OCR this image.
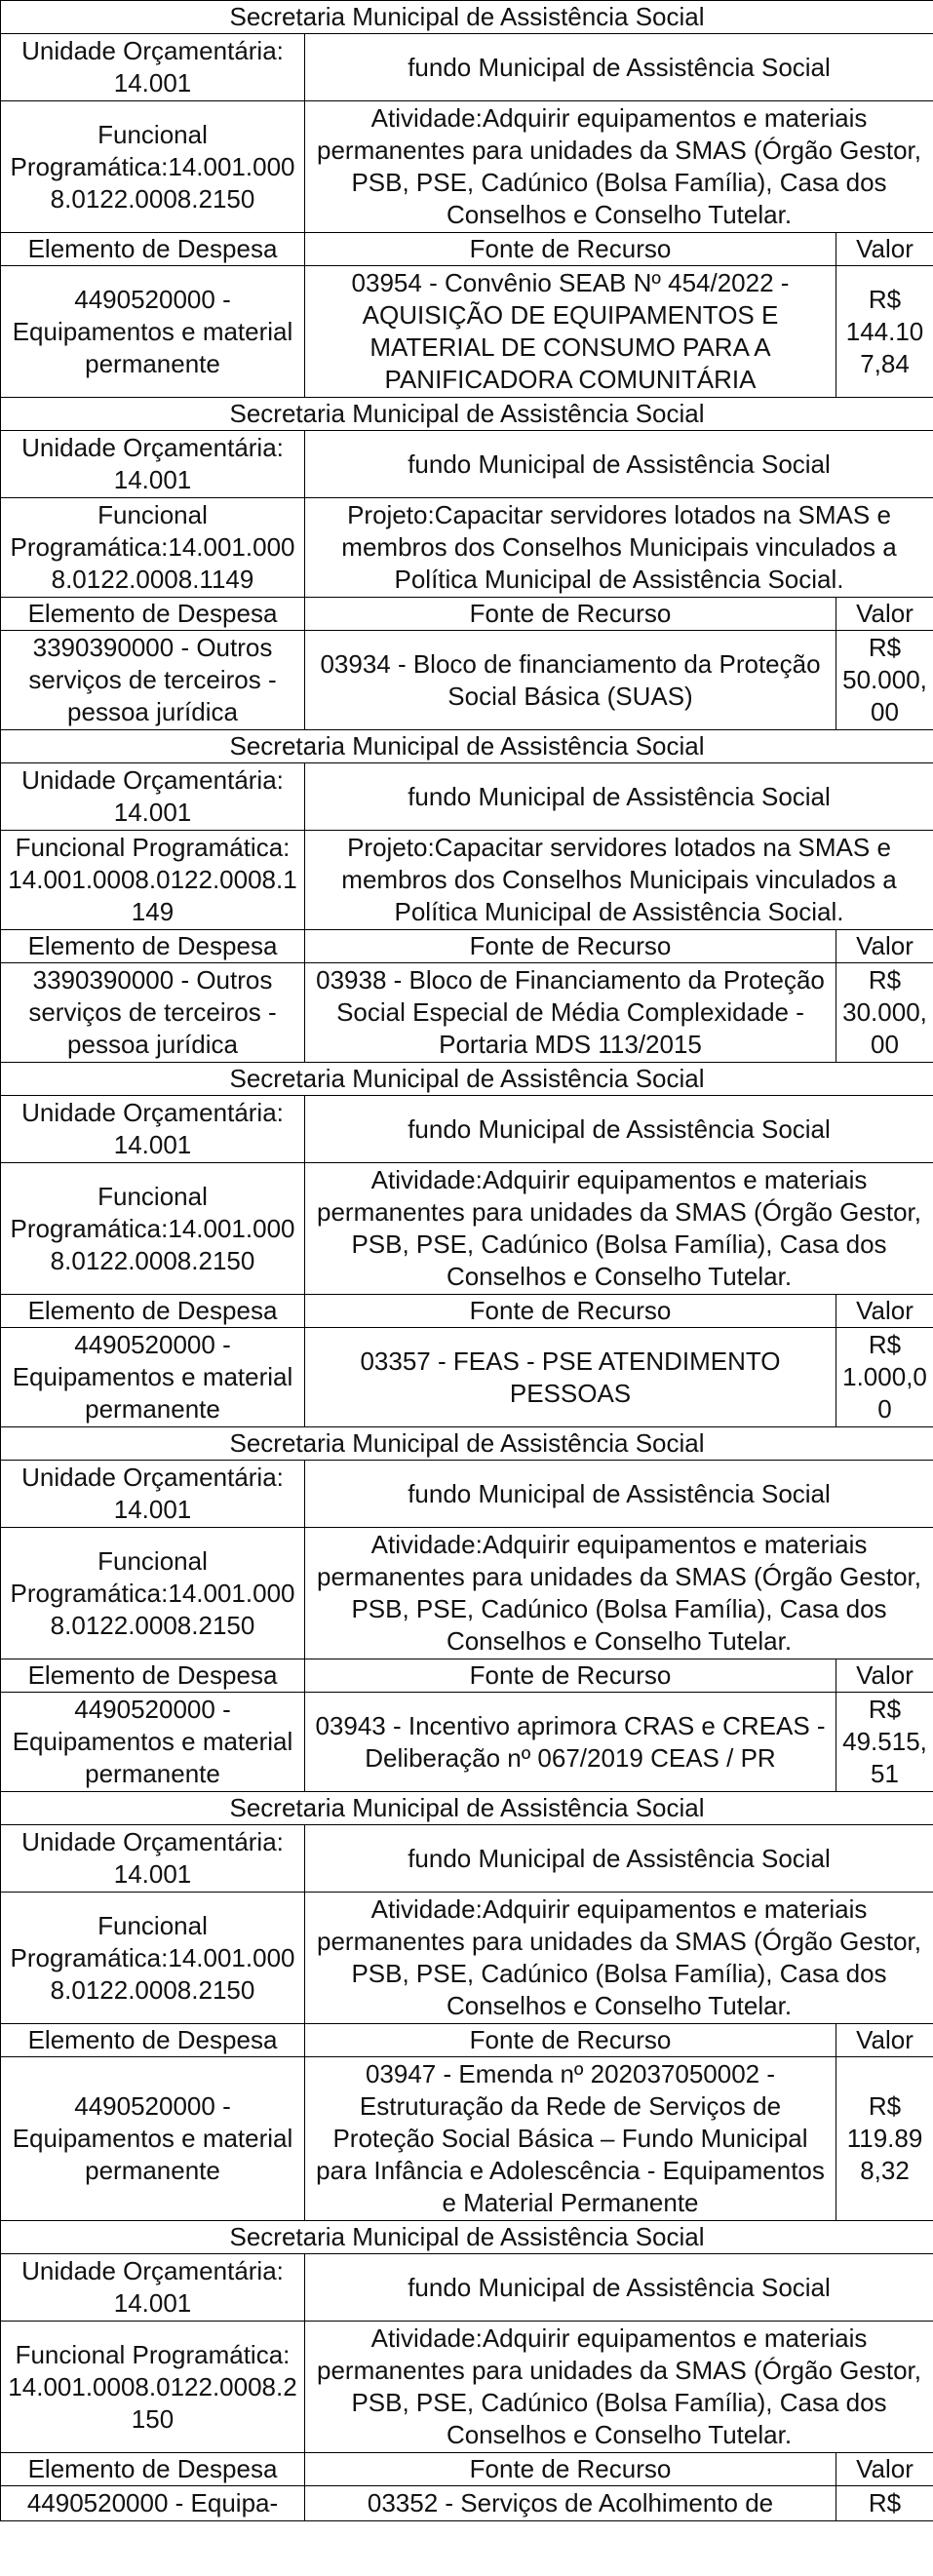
Secretaria Municipal de Assistência Social		
Unidade Orçamentária: 14.001	fundo Municipal de Assistência Social	
Funcional Programática:14.001.0008.0122.0008.2150	Atividade:Adquirir equipamentos e materiais permanentes para unidades da SMAS (Órgão Gestor, PSB, PSE, Cadúnico (Bolsa Família), Casa dos Conselhos e Conselho Tutelar.	
Elemento de Despesa	Fonte de Recurso	Valor
4490520000 - Equipamentos e material permanente	03954 - Convênio SEAB Nº 454/2022 -AQUISIÇÃO DE EQUIPAMENTOS E MATERIAL DE CONSUMO PARA A PANIFICADORA COMUNITÁRIA	R$ 144.107,84
Secretaria Municipal de Assistência Social		
Unidade Orçamentária: 14.001	fundo Municipal de Assistência Social	
Funcional Programática:14.001.0008.0122.0008.1149	Projeto:Capacitar servidores lotados na SMAS e membros dos Conselhos Municipais vinculados a Política Municipal de Assistência Social.	
Elemento de Despesa	Fonte de Recurso	Valor
3390390000 - Outros serviços de terceiros - pessoa jurídica	03934 - Bloco de financiamento da Proteção Social Básica (SUAS)	R$ 50.000,00
Secretaria Municipal de Assistência Social		
Unidade Orçamentária: 14.001	fundo Municipal de Assistência Social	
Funcional Programática: 14.001.0008.0122.0008.1149	Projeto:Capacitar servidores lotados na SMAS e membros dos Conselhos Municipais vinculados a Política Municipal de Assistência Social.	
Elemento de Despesa	Fonte de Recurso	Valor
3390390000 - Outros serviços de terceiros - pessoa jurídica	03938 - Bloco de Financiamento da Proteção Social Especial de Média Complexidade - Portaria MDS 113/2015	R$ 30.000,00
Secretaria Municipal de Assistência Social		
Unidade Orçamentária: 14.001	fundo Municipal de Assistência Social	
Funcional Programática:14.001.0008.0122.0008.2150	Atividade:Adquirir equipamentos e materiais permanentes para unidades da SMAS (Órgão Gestor, PSB, PSE, Cadúnico (Bolsa Família), Casa dos Conselhos e Conselho Tutelar.	
Elemento de Despesa	Fonte de Recurso	Valor
4490520000 - Equipamentos e material permanente	03357 - FEAS - PSE ATENDIMENTO PESSOAS	R$ 1.000,00
Secretaria Municipal de Assistência Social		
Unidade Orçamentária: 14.001	fundo Municipal de Assistência Social	
Funcional Programática:14.001.0008.0122.0008.2150	Atividade:Adquirir equipamentos e materiais permanentes para unidades da SMAS (Órgão Gestor, PSB, PSE, Cadúnico (Bolsa Família), Casa dos Conselhos e Conselho Tutelar.	
Elemento de Despesa	Fonte de Recurso	Valor
4490520000 - Equipamentos e material permanente	03943 - Incentivo aprimora CRAS e CREAS - Deliberação nº 067/2019 CEAS / PR	R$ 49.515,51
Secretaria Municipal de Assistência Social		
Unidade Orçamentária: 14.001	fundo Municipal de Assistência Social	
Funcional Programática:14.001.0008.0122.0008.2150	Atividade:Adquirir equipamentos e materiais permanentes para unidades da SMAS (Órgão Gestor, PSB, PSE, Cadúnico (Bolsa Família), Casa dos Conselhos e Conselho Tutelar.	
Elemento de Despesa	Fonte de Recurso	Valor
4490520000 - Equipamentos e material permanente	03947 - Emenda nº 202037050002 - Estruturação da Rede de Serviços de Proteção Social Básica – Fundo Municipal para Infância e Adolescência - Equipamentos e Material Permanente	R$ 119.898,32
Secretaria Municipal de Assistência Social		
Unidade Orçamentária: 14.001	fundo Municipal de Assistência Social	
Funcional Programática: 14.001.0008.0122.0008.2150	Atividade:Adquirir equipamentos e materiais permanentes para unidades da SMAS (Órgão Gestor, PSB, PSE, Cadúnico (Bolsa Família), Casa dos Conselhos e Conselho Tutelar.	
Elemento de Despesa	Fonte de Recurso	Valor
4490520000 - Equipa-	03352 - Serviços de Acolhimento de	R$
